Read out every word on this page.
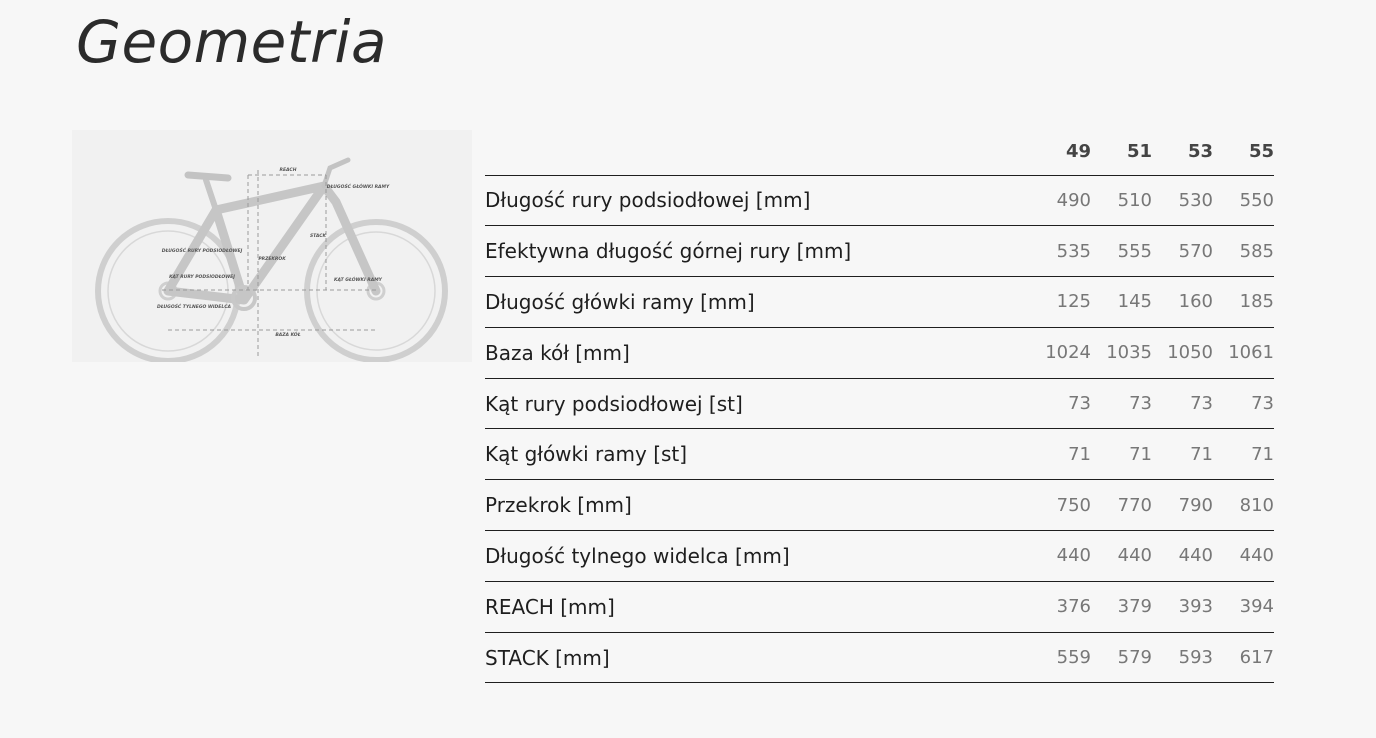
Geometria
REACH
DŁUGOŚĆ GŁÓWKI RAMY
STACK
DŁUGOŚĆ RURY PODSIODŁOWEJ
KĄT RURY PODSIODŁOWEJ
PRZEKROK
KĄT GŁÓWKI RAMY
DŁUGOŚĆ TYLNEGO WIDELCA
BAZA KÓŁ
	49	51	53	55
Długość rury podsiodłowej [mm]	490	510	530	550
Efektywna długość górnej rury [mm]	535	555	570	585
Długość główki ramy [mm]	125	145	160	185
Baza kół [mm]	1024	1035	1050	1061
Kąt rury podsiodłowej [st]	73	73	73	73
Kąt główki ramy [st]	71	71	71	71
Przekrok [mm]	750	770	790	810
Długość tylnego widelca [mm]	440	440	440	440
REACH [mm]	376	379	393	394
STACK [mm]	559	579	593	617
